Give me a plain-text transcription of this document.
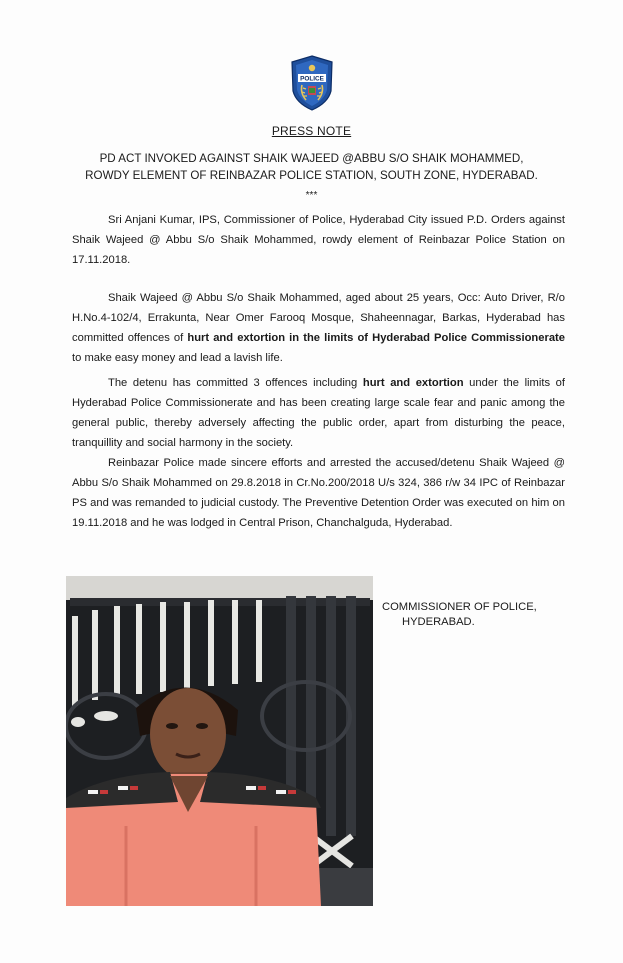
POLICE
PRESS NOTE
PD ACT INVOKED AGAINST SHAIK WAJEED @ABBU S/O SHAIK MOHAMMED,
ROWDY ELEMENT OF REINBAZAR POLICE STATION, SOUTH ZONE, HYDERABAD.
***

Sri Anjani Kumar, IPS, Commissioner of Police, Hyderabad City issued P.D. Orders against Shaik Wajeed @ Abbu S/o Shaik Mohammed, rowdy element of Reinbazar Police Station on 17.11.2018.

Shaik Wajeed @ Abbu S/o Shaik Mohammed, aged about 25 years, Occ: Auto Driver, R/o H.No.4-102/4, Errakunta, Near Omer Farooq Mosque, Shaheennagar, Barkas, Hyderabad has committed offences of hurt and extortion in the limits of Hyderabad Police Commissionerate to make easy money and lead a lavish life.

The detenu has committed 3 offences including hurt and extortion under the limits of Hyderabad Police Commissionerate and has been creating large scale fear and panic among the general public, thereby adversely affecting the public order, apart from disturbing the peace, tranquillity and social harmony in the society.

Reinbazar Police made sincere efforts and arrested the accused/detenu Shaik Wajeed @ Abbu S/o Shaik Mohammed on 29.8.2018 in Cr.No.200/2018 U/s 324, 386 r/w 34 IPC of Reinbazar PS and was remanded to judicial custody. The Preventive Detention Order was executed on him on 19.11.2018 and he was lodged in Central Prison, Chanchalguda, Hyderabad.

COMMISSIONER OF POLICE,
HYDERABAD.
